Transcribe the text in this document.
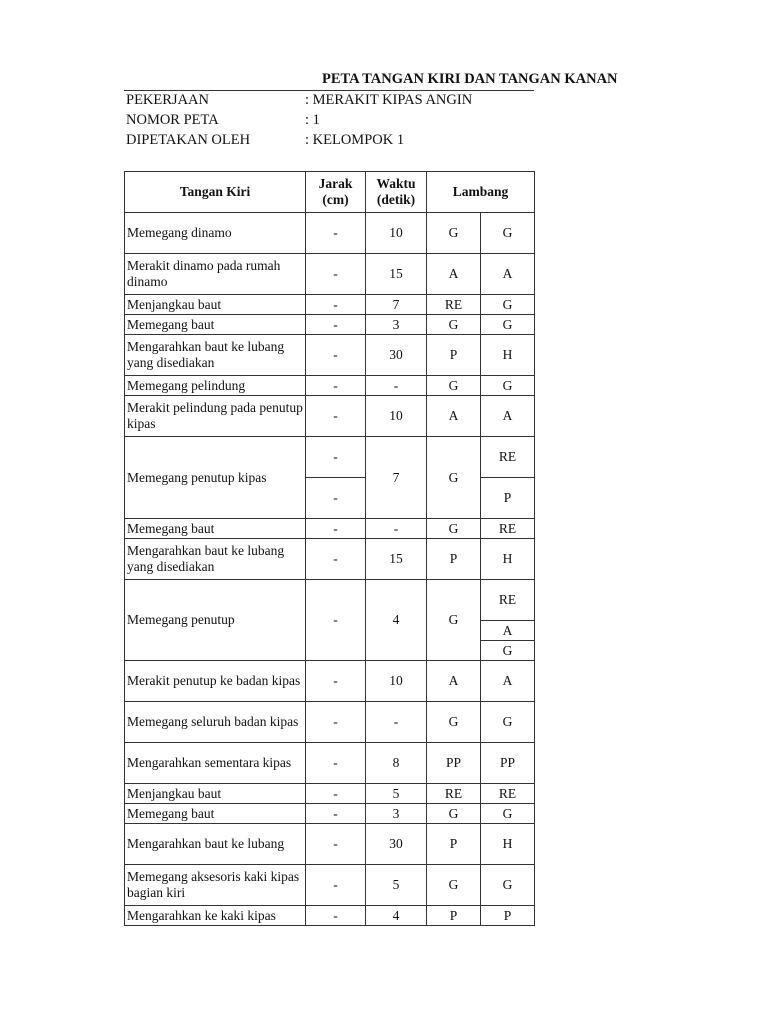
PETA TANGAN KIRI DAN TANGAN KANAN
PEKERJAAN	: MERAKIT KIPAS ANGIN
NOMOR PETA	: 1
DIPETAKAN OLEH	: KELOMPOK 1
Tangan Kiri	Jarak (cm)	Waktu (detik)	Lambang	
Memegang dinamo	-	10	G	G
Merakit dinamo pada rumah dinamo	-	15	A	A
Menjangkau baut	-	7	RE	G
Memegang baut	-	3	G	G
Mengarahkan baut ke lubang yang disediakan	-	30	P	H
Memegang pelindung	-	-	G	G
Merakit pelindung pada penutup kipas	-	10	A	A
Memegang penutup kipas	-	7	G	RE
	-			P
Memegang baut	-	-	G	RE
Mengarahkan baut ke lubang yang disediakan	-	15	P	H
Memegang penutup	-	4	G	RE
				A
				G
Merakit penutup ke badan kipas	-	10	A	A
Memegang seluruh badan kipas	-	-	G	G
Mengarahkan sementara kipas	-	8	PP	PP
Menjangkau baut	-	5	RE	RE
Memegang baut	-	3	G	G
Mengarahkan baut ke lubang	-	30	P	H
Memegang aksesoris kaki kipas bagian kiri	-	5	G	G
Mengarahkan ke kaki kipas	-	4	P	P
